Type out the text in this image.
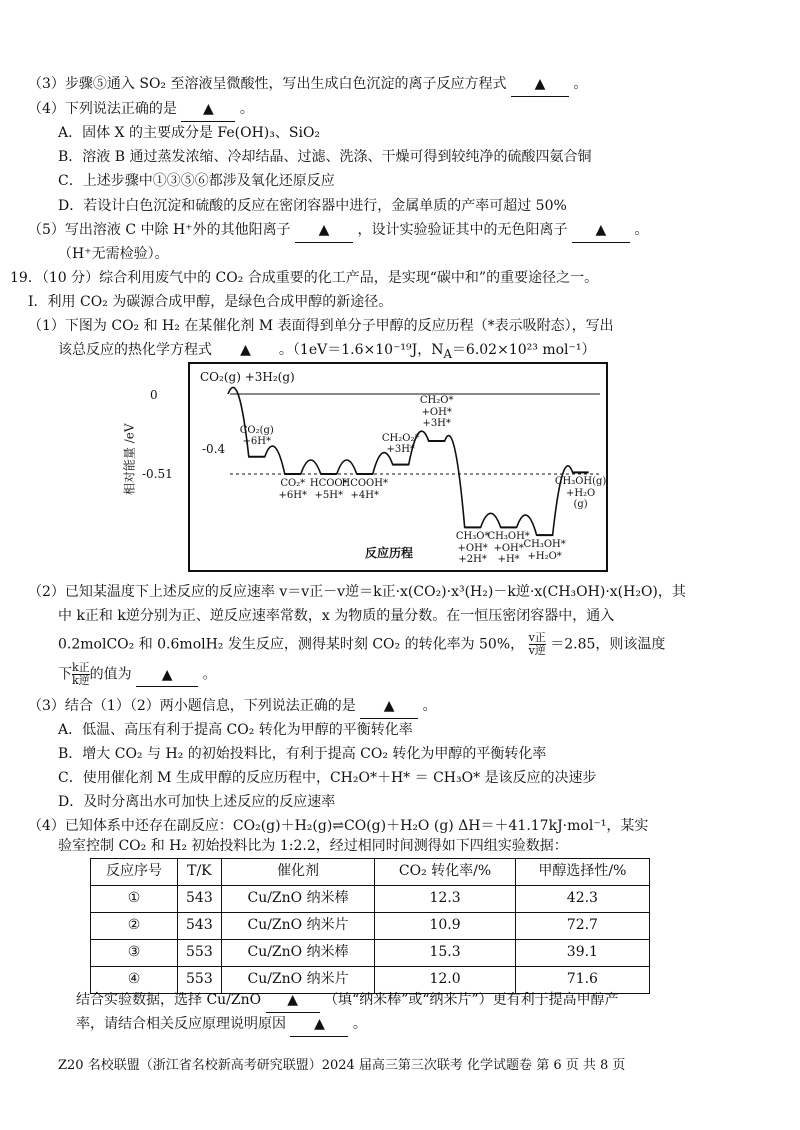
（3）步骤⑤通入 SO₂ 至溶液呈微酸性，写出生成白色沉淀的离子反应方程式 ▲ 。
（4）下列说法正确的是 ▲ 。
A．固体 X 的主要成分是 Fe(OH)₃、SiO₂
B．溶液 B 通过蒸发浓缩、冷却结晶、过滤、洗涤、干燥可得到较纯净的硫酸四氨合铜
C．上述步骤中①③⑤⑥都涉及氧化还原反应
D．若设计白色沉淀和硫酸的反应在密闭容器中进行，金属单质的产率可超过 50%
（5）写出溶液 C 中除 H⁺外的其他阳离子 ▲ ，设计实验验证其中的无色阳离子 ▲ 。
（H⁺无需检验）。
19．（10 分）综合利用废气中的 CO₂ 合成重要的化工产品，是实现“碳中和”的重要途径之一。
I．利用 CO₂ 为碳源合成甲醇，是绿色合成甲醇的新途径。
（1）下图为 CO₂ 和 H₂ 在某催化剂 M 表面得到单分子甲醇的反应历程（*表示吸附态），写出
该总反应的热化学方程式 ▲ 。（1eV＝1.6×10⁻¹⁹J，$N_A=6.02\times 10^{23}$ mol⁻¹）
CO₂(g) +3H₂(g)
0
-0.4
-0.51
相对能量 /eV
反应历程
CO₂(g)
+6H*
CO₂*
+6H*
HCOO*
+5H*
HCOOH*
+4H*
CH₂O₂*
+3H*
CH₂O*
+OH*
+3H*
CH₃O*
+OH*
+2H*
CH₃OH*
+OH*
+H*
CH₃OH*
+H₂O*
CH₃OH(g)
+H₂O
(g)
（2）已知某温度下上述反应的反应速率 v＝v正－v逆＝k正·x(CO₂)·x³(H₂)－k逆·x(CH₃OH)·x(H₂O)，其
中 k正和 k逆分别为正、逆反应速率常数，x 为物质的量分数。在一恒压密闭容器中，通入
0.2molCO₂ 和 0.6molH₂ 发生反应，测得某时刻 CO₂ 的转化率为 50%， v正
v逆 ＝2.85，则该温度
下 k正
k逆 的值为 ▲ 。
（3）结合（1）（2）两小题信息，下列说法正确的是 ▲ 。
A．低温、高压有利于提高 CO₂ 转化为甲醇的平衡转化率
B．增大 CO₂ 与 H₂ 的初始投料比，有利于提高 CO₂ 转化为甲醇的平衡转化率
C．使用催化剂 M 生成甲醇的反应历程中，CH₂O*＋H* ＝ CH₃O* 是该反应的决速步
D．及时分离出水可加快上述反应的反应速率
（4）已知体系中还存在副反应：CO₂(g)＋H₂(g)⇌CO(g)＋H₂O (g) ΔH＝＋41.17kJ·mol⁻¹，某实
验室控制 CO₂ 和 H₂ 初始投料比为 1:2.2，经过相同时间测得如下四组实验数据：
反应序号	T/K	催化剂	CO₂ 转化率/%	甲醇选择性/%
①	543	Cu/ZnO 纳米棒	12.3	42.3
②	543	Cu/ZnO 纳米片	10.9	72.7
③	553	Cu/ZnO 纳米棒	15.3	39.1
④	553	Cu/ZnO 纳米片	12.0	71.6
结合实验数据，选择 Cu/ZnO ▲ （填“纳米棒”或“纳米片”）更有利于提高甲醇产
率，请结合相关反应原理说明原因 ▲ 。
Z20 名校联盟（浙江省名校新高考研究联盟）2024 届高三第三次联考 化学试题卷 第 6 页 共 8 页
